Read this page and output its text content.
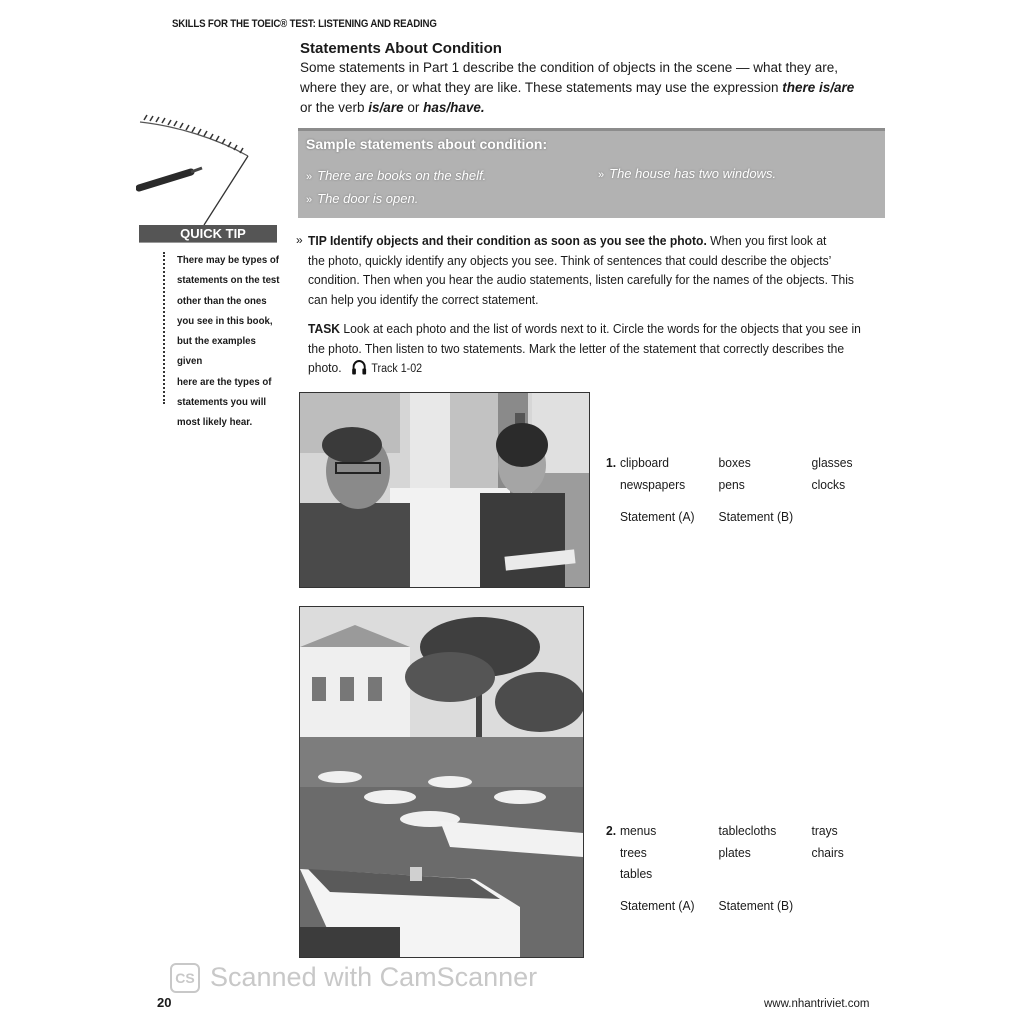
SKILLS FOR THE TOEIC® TEST: LISTENING AND READING
Statements About Condition
Some statements in Part 1 describe the condition of objects in the scene — what they are,
where they are, or what they are like. These statements may use the expression there is/are
or the verb is/are or has/have.
Sample statements about condition:
» There are books on the shelf.	» The house has two windows.
» The door is open.
QUICK TIP
There may be types of
statements on the test
other than the ones
you see in this book,
but the examples given
here are the types of
statements you will
most likely hear.
» TIP Identify objects and their condition as soon as you see the photo. When you first look at
the photo, quickly identify any objects you see. Think of sentences that could describe the objects’
condition. Then when you hear the audio statements, listen carefully for the names of the objects. This
can help you identify the correct statement.
TASK Look at each photo and the list of words next to it. Circle the words for the objects that you see in
the photo. Then listen to two statements. Mark the letter of the statement that correctly describes the
photo.	Track 1-02
1. clipboard	boxes	glasses
newspapers	pens	clocks
Statement (A) Statement (B)
2. menus	tablecloths	trays
trees	plates	chairs
tables
Statement (A) Statement (B)
CS Scanned with CamScanner
20	www.nhantriviet.com
